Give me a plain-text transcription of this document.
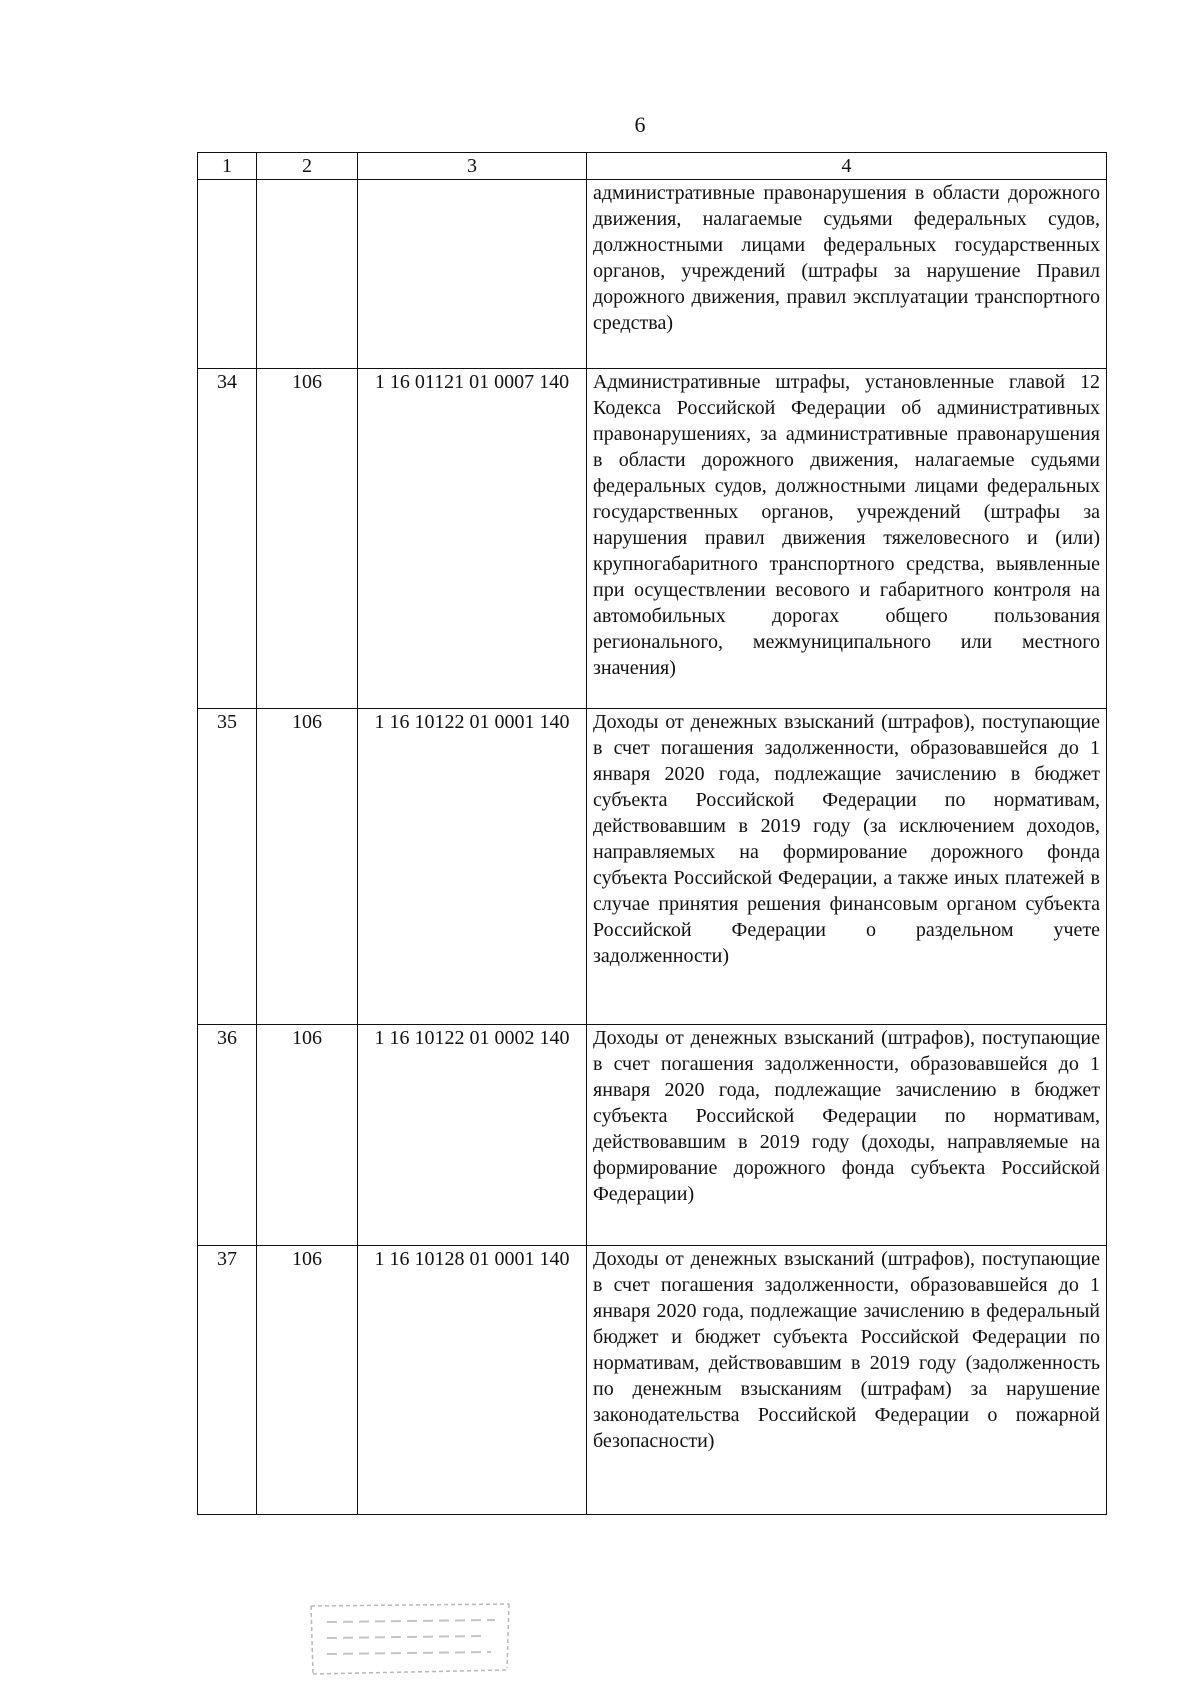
6
1	2	3	4
			административные правонарушения в области дорожного движения, налагаемые судьями федеральных судов, должностными лицами федеральных государственных органов, учреждений (штрафы за нарушение Правил дорожного движения, правил эксплуатации транспортного средства)
34	106	1 16 01121 01 0007 140	Административные штрафы, установленные главой 12 Кодекса Российской Федерации об административных правонарушениях, за административные правонарушения в области дорожного движения, налагаемые судьями федеральных судов, должностными лицами федеральных государственных органов, учреждений (штрафы за нарушения правил движения тяжеловесного и (или) крупногабаритного транспортного средства, выявленные при осуществлении весового и габаритного контроля на автомобильных дорогах общего пользования регионального, межмуниципального или местного значения)
35	106	1 16 10122 01 0001 140	Доходы от денежных взысканий (штрафов), поступающие в счет погашения задолженности, образовавшейся до 1 января 2020 года, подлежащие зачислению в бюджет субъекта Российской Федерации по нормативам, действовавшим в 2019 году (за исключением доходов, направляемых на формирование дорожного фонда субъекта Российской Федерации, а также иных платежей в случае принятия решения финансовым органом субъекта Российской Федерации о раздельном учете задолженности)
36	106	1 16 10122 01 0002 140	Доходы от денежных взысканий (штрафов), поступающие в счет погашения задолженности, образовавшейся до 1 января 2020 года, подлежащие зачислению в бюджет субъекта Российской Федерации по нормативам, действовавшим в 2019 году (доходы, направляемые на формирование дорожного фонда субъекта Российской Федерации)
37	106	1 16 10128 01 0001 140	Доходы от денежных взысканий (штрафов), поступающие в счет погашения задолженности, образовавшейся до 1 января 2020 года, подлежащие зачислению в федеральный бюджет и бюджет субъекта Российской Федерации по нормативам, действовавшим в 2019 году (задолженность по денежным взысканиям (штрафам) за нарушение законодательства Российской Федерации о пожарной безопасности)
